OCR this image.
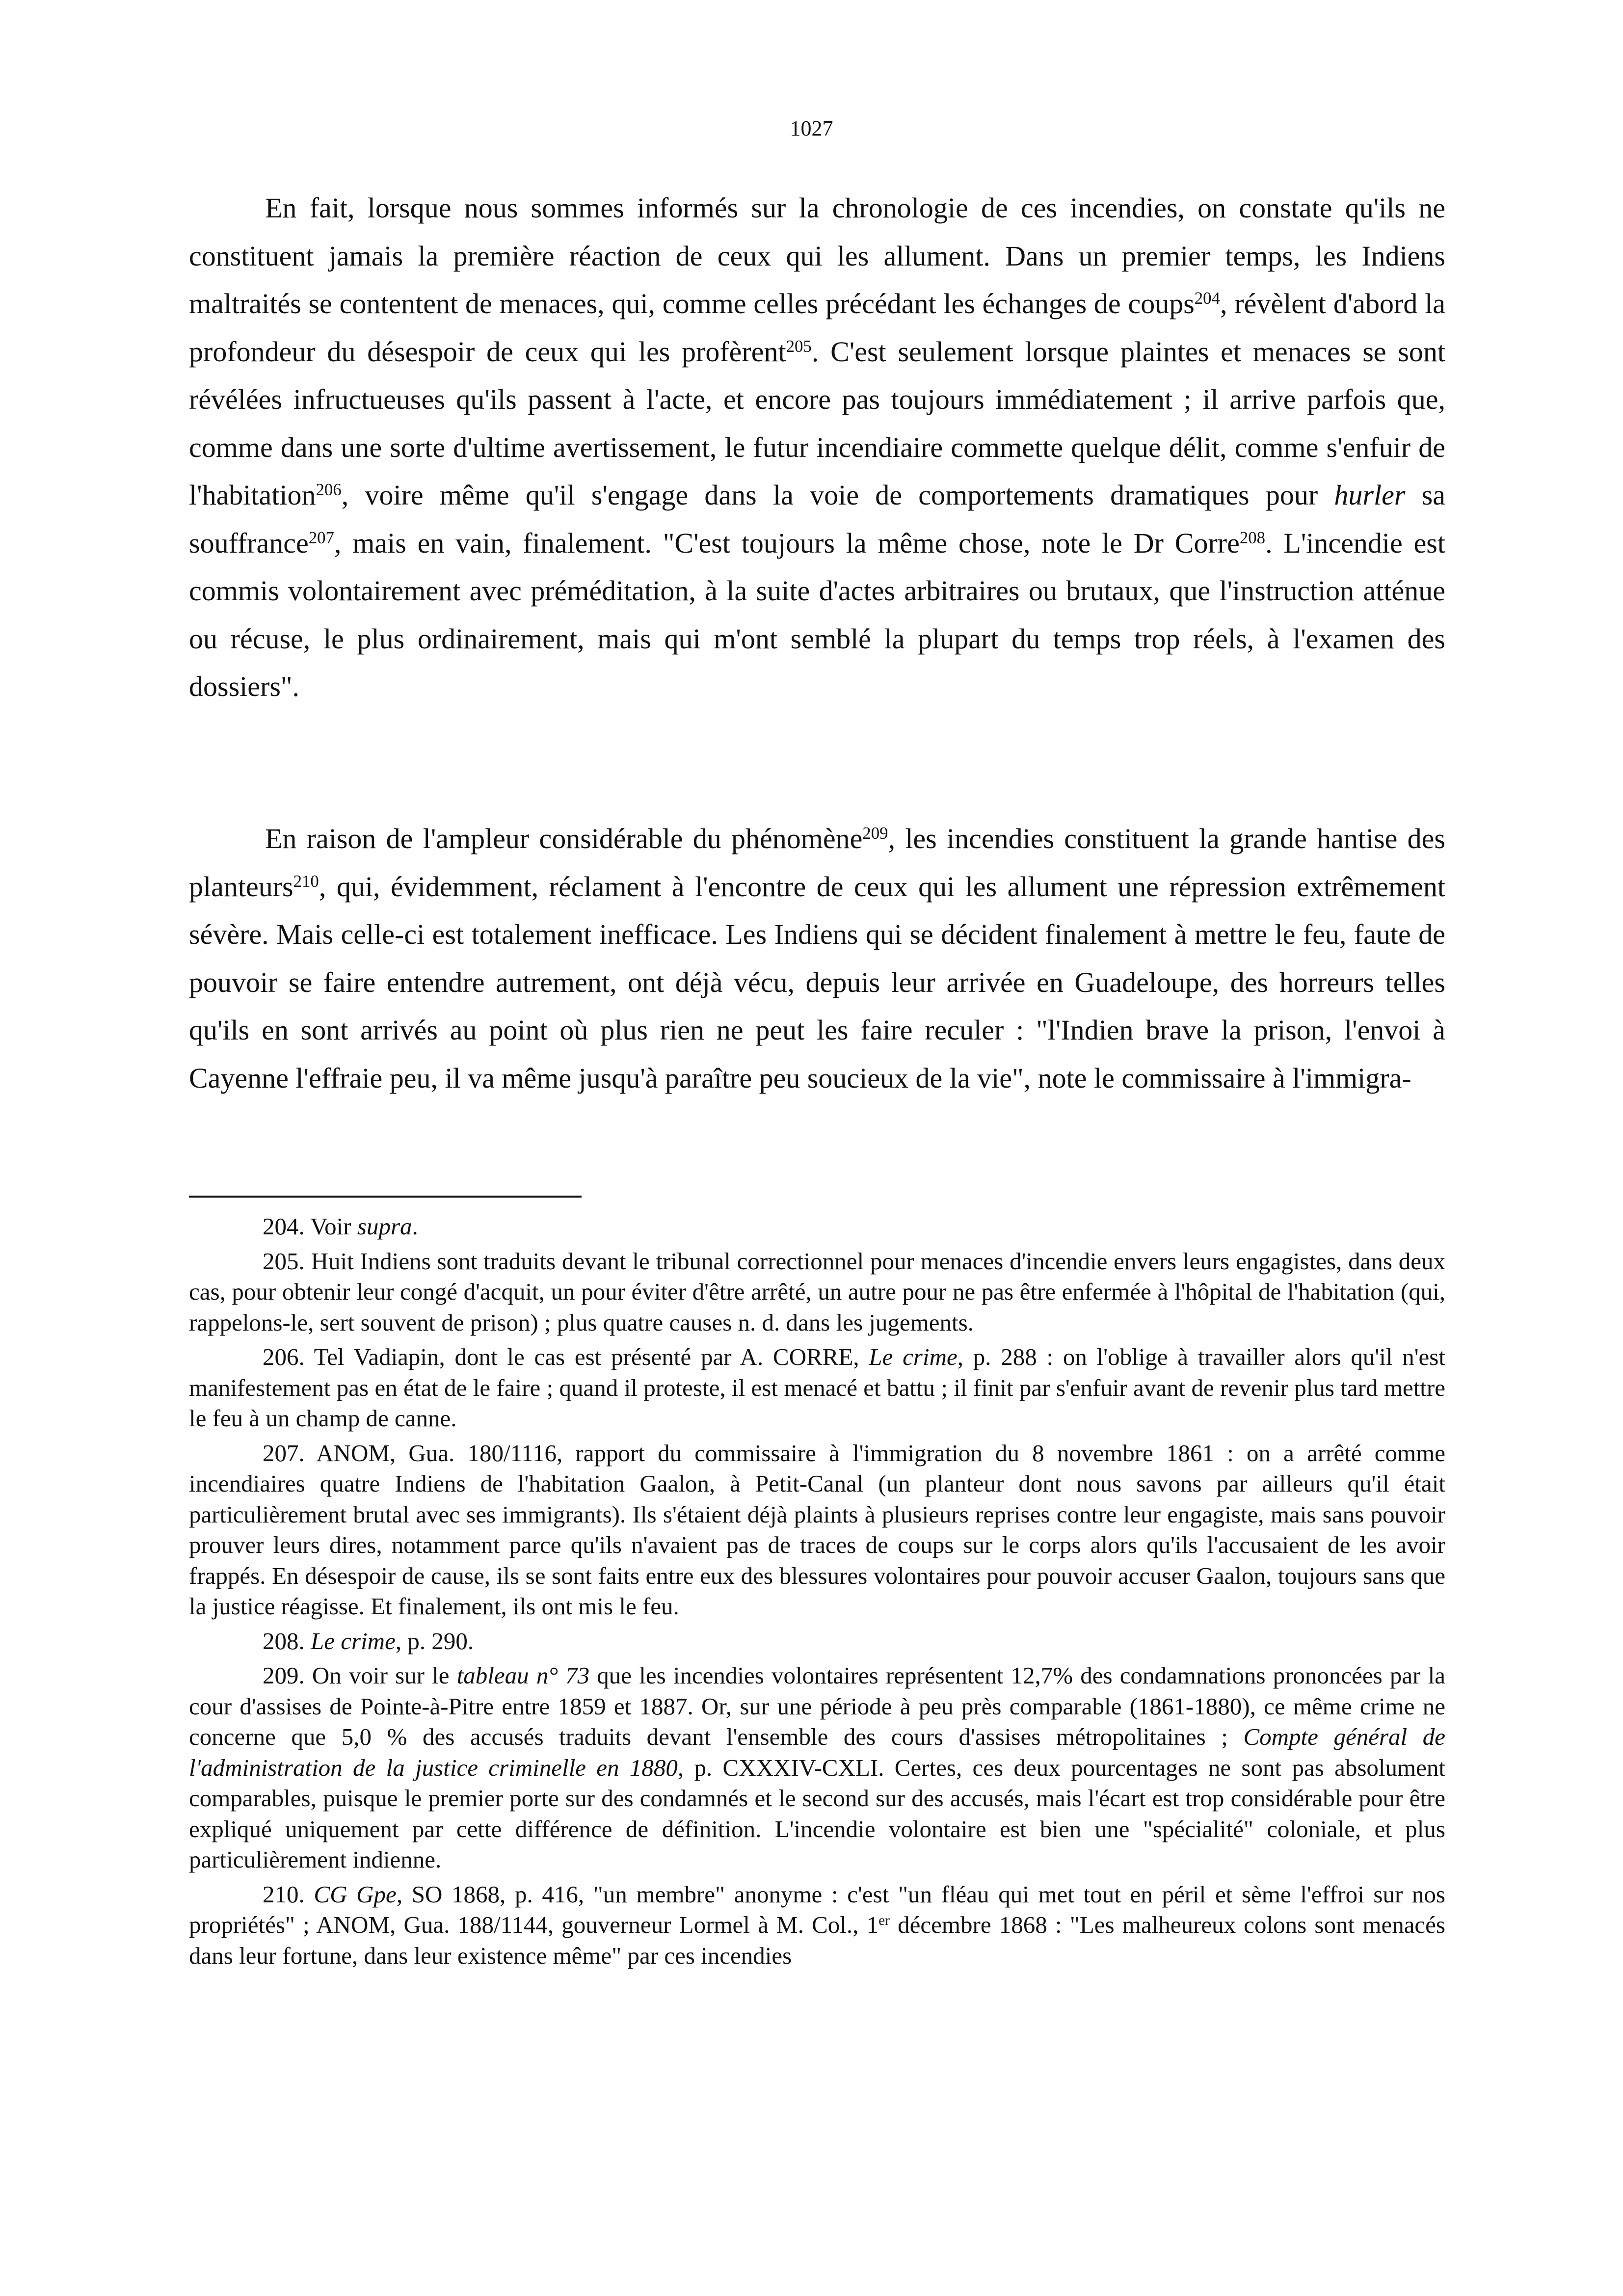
1027

En fait, lorsque nous sommes informés sur la chronologie de ces incendies, on constate qu'ils ne constituent jamais la première réaction de ceux qui les allument. Dans un premier temps, les Indiens maltraités se contentent de menaces, qui, comme celles précédant les échanges de coups$^{204}$, révèlent d'abord la profondeur du désespoir de ceux qui les profèrent$^{205}$. C'est seulement lorsque plaintes et menaces se sont révélées infructueuses qu'ils passent à l'acte, et encore pas toujours immédiatement ; il arrive parfois que, comme dans une sorte d'ultime avertissement, le futur incendiaire commette quelque délit, comme s'enfuir de l'habitation$^{206}$, voire même qu'il s'engage dans la voie de comportements dramatiques pour hurler sa souffrance$^{207}$, mais en vain, finalement. "C'est toujours la même chose, note le Dr Corre$^{208}$. L'incendie est commis volontairement avec préméditation, à la suite d'actes arbitraires ou brutaux, que l'instruction atténue ou récuse, le plus ordinairement, mais qui m'ont semblé la plupart du temps trop réels, à l'examen des dossiers".

En raison de l'ampleur considérable du phénomène$^{209}$, les incendies constituent la grande hantise des planteurs$^{210}$, qui, évidemment, réclament à l'encontre de ceux qui les allument une répression extrêmement sévère. Mais celle-ci est totalement inefficace. Les Indiens qui se décident finalement à mettre le feu, faute de pouvoir se faire entendre autrement, ont déjà vécu, depuis leur arrivée en Guadeloupe, des horreurs telles qu'ils en sont arrivés au point où plus rien ne peut les faire reculer : "l'Indien brave la prison, l'envoi à Cayenne l'effraie peu, il va même jusqu'à paraître peu soucieux de la vie", note le commissaire à l'immigra-

204. Voir supra.

205. Huit Indiens sont traduits devant le tribunal correctionnel pour menaces d'incendie envers leurs engagistes, dans deux cas, pour obtenir leur congé d'acquit, un pour éviter d'être arrêté, un autre pour ne pas être enfermée à l'hôpital de l'habitation (qui, rappelons-le, sert souvent de prison) ; plus quatre causes n. d. dans les jugements.

206. Tel Vadiapin, dont le cas est présenté par A. CORRE, Le crime, p. 288 : on l'oblige à travailler alors qu'il n'est manifestement pas en état de le faire ; quand il proteste, il est menacé et battu ; il finit par s'enfuir avant de revenir plus tard mettre le feu à un champ de canne.

207. ANOM, Gua. 180/1116, rapport du commissaire à l'immigration du 8 novembre 1861 : on a arrêté comme incendiaires quatre Indiens de l'habitation Gaalon, à Petit-Canal (un planteur dont nous savons par ailleurs qu'il était particulièrement brutal avec ses immigrants). Ils s'étaient déjà plaints à plusieurs reprises contre leur engagiste, mais sans pouvoir prouver leurs dires, notamment parce qu'ils n'avaient pas de traces de coups sur le corps alors qu'ils l'accusaient de les avoir frappés. En désespoir de cause, ils se sont faits entre eux des blessures volontaires pour pouvoir accuser Gaalon, toujours sans que la justice réagisse. Et finalement, ils ont mis le feu.

208. Le crime, p. 290.

209. On voir sur le tableau n° 73 que les incendies volontaires représentent 12,7% des condamnations prononcées par la cour d'assises de Pointe-à-Pitre entre 1859 et 1887. Or, sur une période à peu près comparable (1861-1880), ce même crime ne concerne que 5,0 % des accusés traduits devant l'ensemble des cours d'assises métropolitaines ; Compte général de l'administration de la justice criminelle en 1880, p. CXXXIV-CXLI. Certes, ces deux pourcentages ne sont pas absolument comparables, puisque le premier porte sur des condamnés et le second sur des accusés, mais l'écart est trop considérable pour être expliqué uniquement par cette différence de définition. L'incendie volontaire est bien une "spécialité" coloniale, et plus particulièrement indienne.

210. CG Gpe, SO 1868, p. 416, "un membre" anonyme : c'est "un fléau qui met tout en péril et sème l'effroi sur nos propriétés" ; ANOM, Gua. 188/1144, gouverneur Lormel à M. Col., 1er décembre 1868 : "Les malheureux colons sont menacés dans leur fortune, dans leur existence même" par ces incendies
